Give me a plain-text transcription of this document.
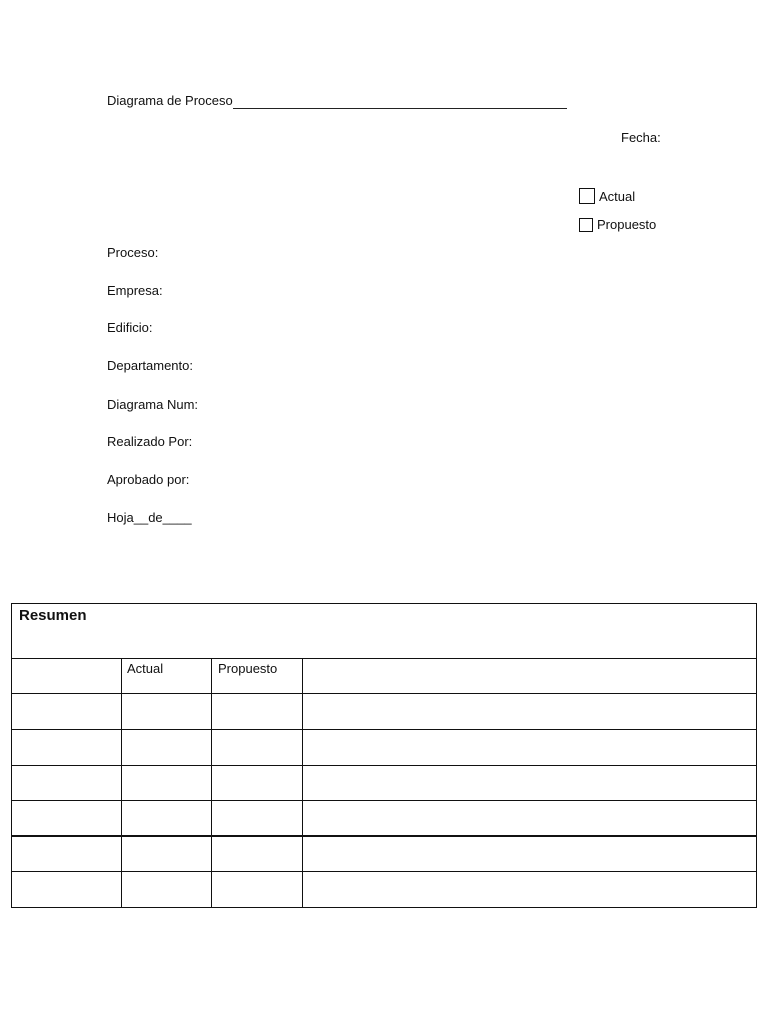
Diagrama de Proceso
Fecha:
Actual
Propuesto
Proceso:
Empresa:
Edificio:
Departamento:
Diagrama Num:
Realizado Por:
Aprobado por:
Hoja__de____
Resumen
Actual	Propuesto
